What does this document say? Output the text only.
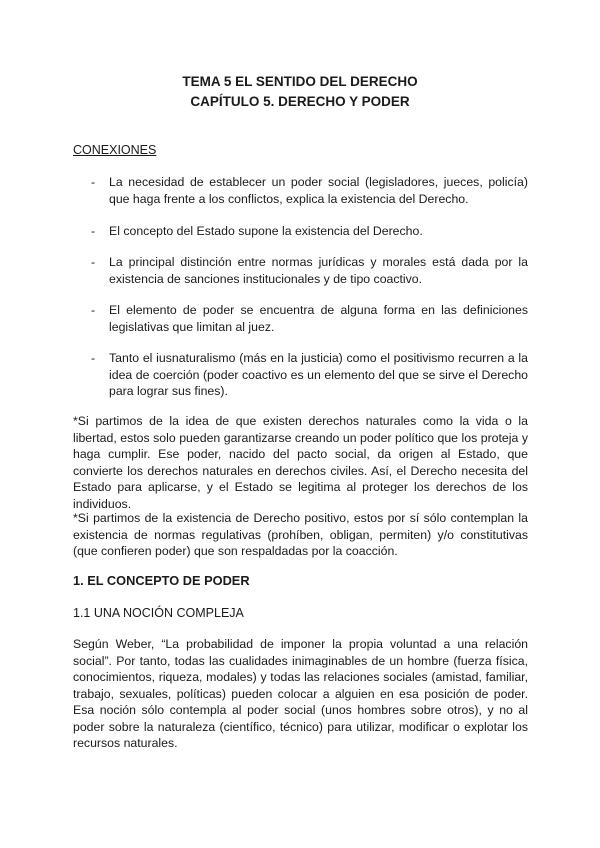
TEMA 5 EL SENTIDO DEL DERECHO
CAPÍTULO 5. DERECHO Y PODER
CONEXIONES
- La necesidad de establecer un poder social (legisladores, jueces, policía) que haga frente a los conflictos, explica la existencia del Derecho.
- El concepto del Estado supone la existencia del Derecho.
- La principal distinción entre normas jurídicas y morales está dada por la existencia de sanciones institucionales y de tipo coactivo.
- El elemento de poder se encuentra de alguna forma en las definiciones legislativas que limitan al juez.
- Tanto el iusnaturalismo (más en la justicia) como el positivismo recurren a la idea de coerción (poder coactivo es un elemento del que se sirve el Derecho para lograr sus fines).
*Si partimos de la idea de que existen derechos naturales como la vida o la libertad, estos solo pueden garantizarse creando un poder político que los proteja y haga cumplir. Ese poder, nacido del pacto social, da origen al Estado, que convierte los derechos naturales en derechos civiles. Así, el Derecho necesita del Estado para aplicarse, y el Estado se legitima al proteger los derechos de los individuos.
*Si partimos de la existencia de Derecho positivo, estos por sí sólo contemplan la existencia de normas regulativas (prohíben, obligan, permiten) y/o constitutivas (que confieren poder) que son respaldadas por la coacción.
1. EL CONCEPTO DE PODER
1.1 UNA NOCIÓN COMPLEJA
Según Weber, “La probabilidad de imponer la propia voluntad a una relación social”. Por tanto, todas las cualidades inimaginables de un hombre (fuerza física, conocimientos, riqueza, modales) y todas las relaciones sociales (amistad, familiar, trabajo, sexuales, políticas) pueden colocar a alguien en esa posición de poder. Esa noción sólo contempla al poder social (unos hombres sobre otros), y no al poder sobre la naturaleza (científico, técnico) para utilizar, modificar o explotar los recursos naturales.
